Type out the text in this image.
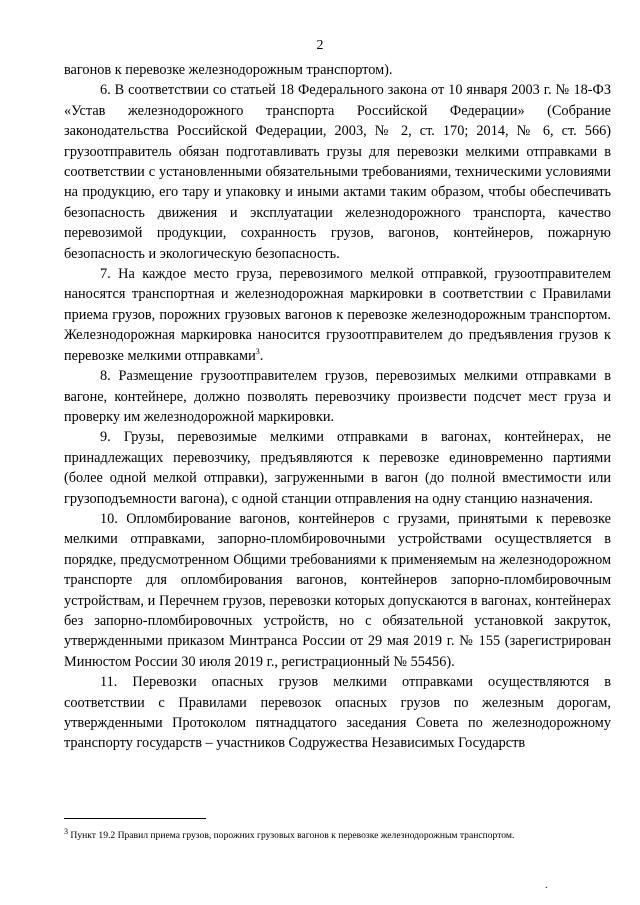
2

вагонов к перевозке железнодорожным транспортом).

6. В соответствии со статьей 18 Федерального закона от 10 января 2003 г. № 18-ФЗ «Устав железнодорожного транспорта Российской Федерации» (Собрание законодательства Российской Федерации, 2003, № 2, ст. 170; 2014, № 6, ст. 566) грузоотправитель обязан подготавливать грузы для перевозки мелкими отправками в соответствии с установленными обязательными требованиями, техническими условиями на продукцию, его тару и упаковку и иными актами таким образом, чтобы обеспечивать безопасность движения и эксплуатации железнодорожного транспорта, качество перевозимой продукции, сохранность грузов, вагонов, контейнеров, пожарную безопасность и экологическую безопасность.

7. На каждое место груза, перевозимого мелкой отправкой, грузоотправителем наносятся транспортная и железнодорожная маркировки в соответствии с Правилами приема грузов, порожних грузовых вагонов к перевозке железнодорожным транспортом. Железнодорожная маркировка наносится грузоотправителем до предъявления грузов к перевозке мелкими отправками$^3$.

8. Размещение грузоотправителем грузов, перевозимых мелкими отправками в вагоне, контейнере, должно позволять перевозчику произвести подсчет мест груза и проверку им железнодорожной маркировки.

9. Грузы, перевозимые мелкими отправками в вагонах, контейнерах, не принадлежащих перевозчику, предъявляются к перевозке единовременно партиями (более одной мелкой отправки), загруженными в вагон (до полной вместимости или грузоподъемности вагона), с одной станции отправления на одну станцию назначения.

10. Опломбирование вагонов, контейнеров с грузами, принятыми к перевозке мелкими отправками, запорно-пломбировочными устройствами осуществляется в порядке, предусмотренном Общими требованиями к применяемым на железнодорожном транспорте для опломбирования вагонов, контейнеров запорно-пломбировочным устройствам, и Перечнем грузов, перевозки которых допускаются в вагонах, контейнерах без запорно-пломбировочных устройств, но с обязательной установкой закруток, утвержденными приказом Минтранса России от 29 мая 2019 г. № 155 (зарегистрирован Минюстом России 30 июля 2019 г., регистрационный № 55456).

11. Перевозки опасных грузов мелкими отправками осуществляются в соответствии с Правилами перевозок опасных грузов по железным дорогам, утвержденными Протоколом пятнадцатого заседания Совета по железнодорожному транспорту государств – участников Содружества Независимых Государств

$^3$ Пункт 19.2 Правил приема грузов, порожних грузовых вагонов к перевозке железнодорожным транспортом.
.
